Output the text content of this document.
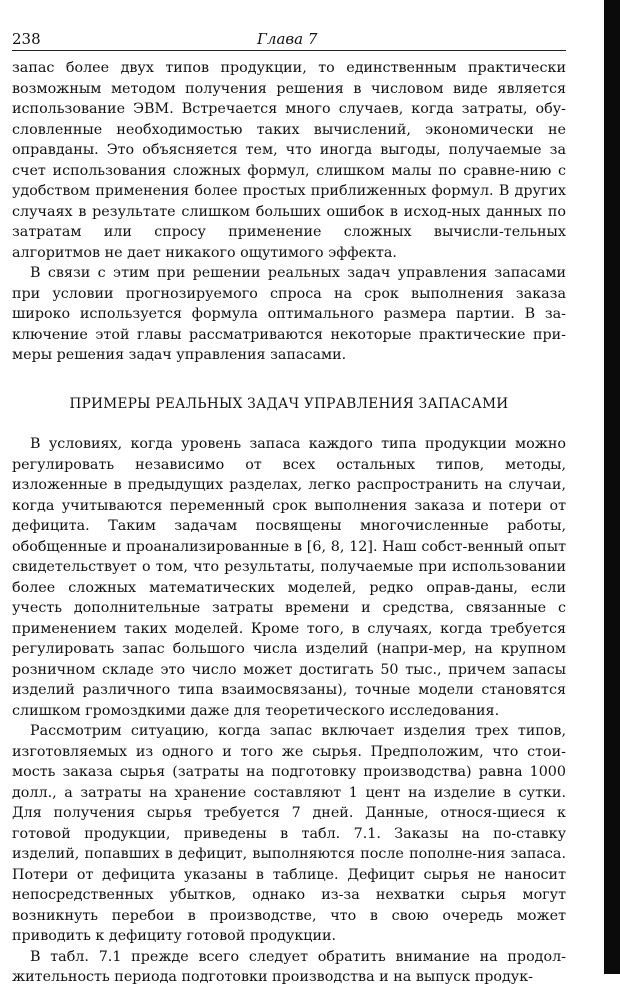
238	Глава 7

запас более двух типов продукции, то единственным практически возможным методом получения решения в числовом виде является использование ЭВМ. Встречается много случаев, когда затраты, обу-словленные необходимостью таких вычислений, экономически не оправданы. Это объясняется тем, что иногда выгоды, получаемые за счет использования сложных формул, слишком малы по сравне-нию с удобством применения более простых приближенных формул. В других случаях в результате слишком больших ошибок в исход-ных данных по затратам или спросу применение сложных вычисли-тельных алгоритмов не дает никакого ощутимого эффекта.

В связи с этим при решении реальных задач управления запасами при условии прогнозируемого спроса на срок выполнения заказа широко используется формула оптимального размера партии. В за-ключение этой главы рассматриваются некоторые практические при-меры решения задач управления запасами.

ПРИМЕРЫ РЕАЛЬНЫХ ЗАДАЧ УПРАВЛЕНИЯ ЗАПАСАМИ

В условиях, когда уровень запаса каждого типа продукции можно регулировать независимо от всех остальных типов, методы, изложенные в предыдущих разделах, легко распространить на случаи, когда учитываются переменный срок выполнения заказа и потери от дефицита. Таким задачам посвящены многочисленные работы, обобщенные и проанализированные в [6, 8, 12]. Наш собст-венный опыт свидетельствует о том, что результаты, получаемые при использовании более сложных математических моделей, редко оправ-даны, если учесть дополнительные затраты времени и средства, связанные с применением таких моделей. Кроме того, в случаях, когда требуется регулировать запас большого числа изделий (напри-мер, на крупном розничном складе это число может достигать 50 тыс., причем запасы изделий различного типа взаимосвязаны), точные модели становятся слишком громоздкими даже для теоретического исследования.

Рассмотрим ситуацию, когда запас включает изделия трех типов, изготовляемых из одного и того же сырья. Предположим, что стои-мость заказа сырья (затраты на подготовку производства) равна 1000 долл., а затраты на хранение составляют 1 цент на изделие в сутки. Для получения сырья требуется 7 дней. Данные, относя-щиеся к готовой продукции, приведены в табл. 7.1. Заказы на по-ставку изделий, попавших в дефицит, выполняются после пополне-ния запаса. Потери от дефицита указаны в таблице. Дефицит сырья не наносит непосредственных убытков, однако из-за нехватки сырья могут возникнуть перебои в производстве, что в свою очередь может приводить к дефициту готовой продукции.

В табл. 7.1 прежде всего следует обратить внимание на продол-жительность периода подготовки производства и на выпуск продук-
